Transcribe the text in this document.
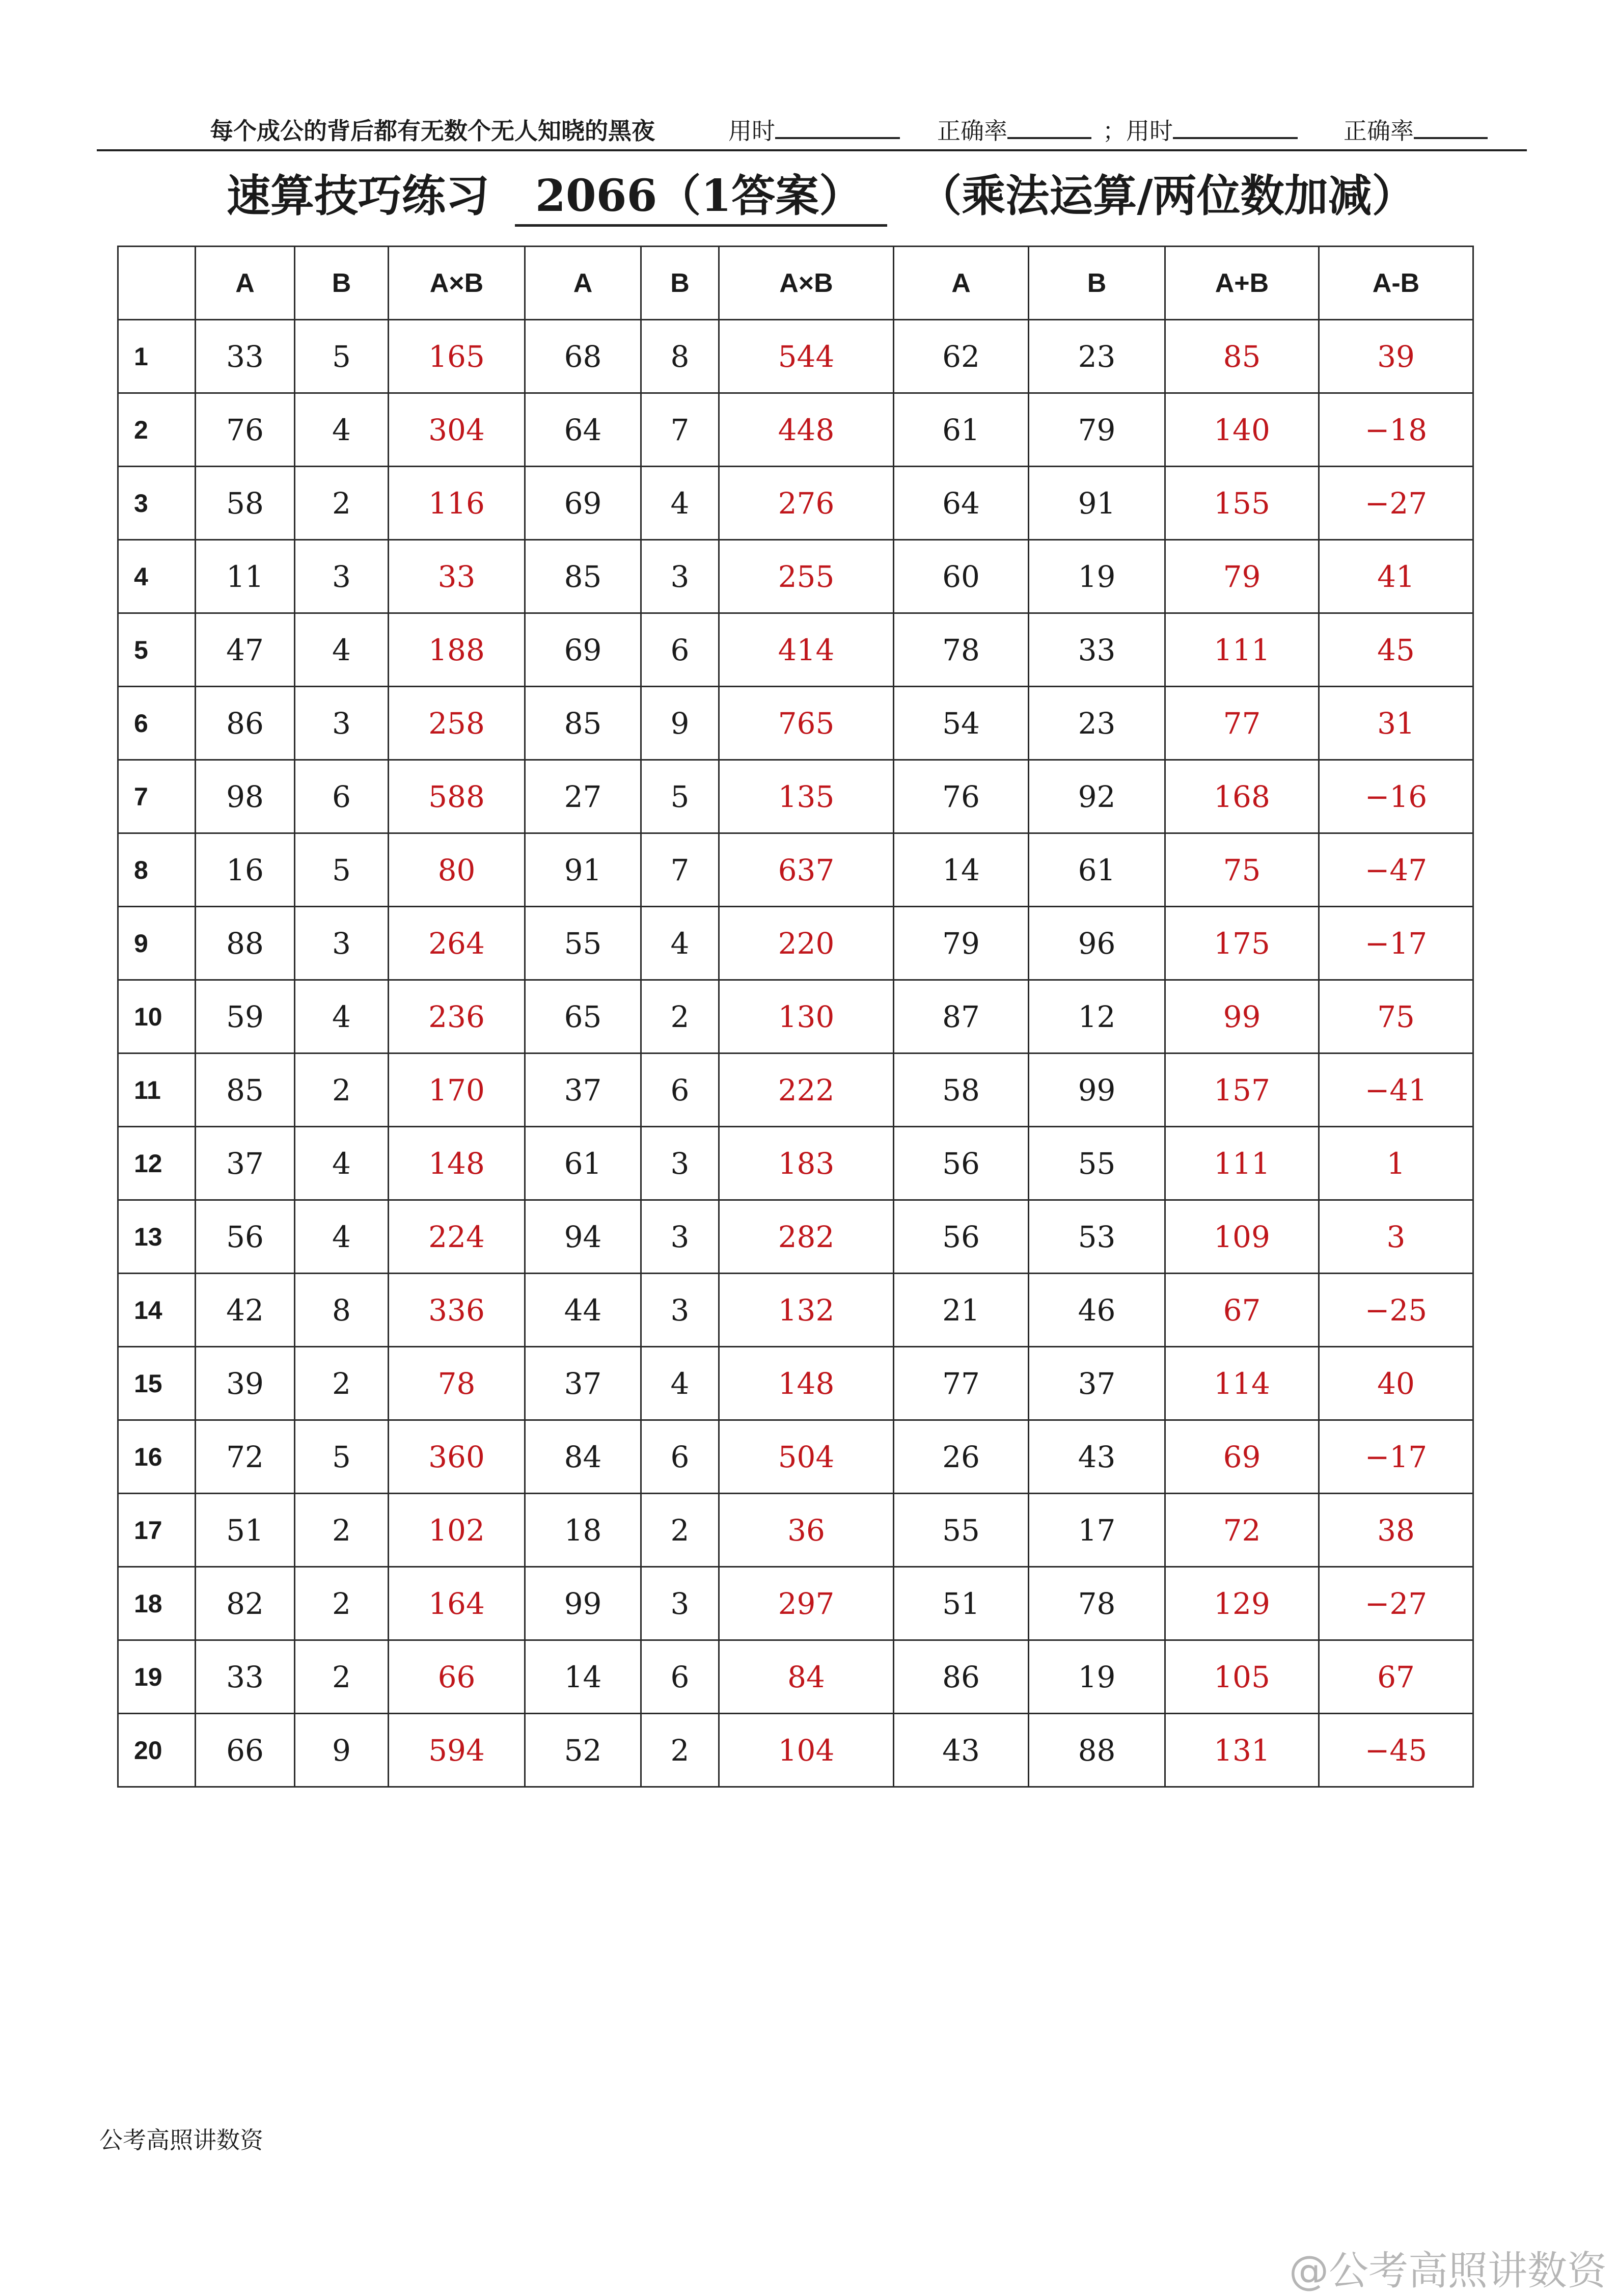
每个成公的背后都有无数个无人知晓的黑夜	用时	正确率	；用时	正确率
速算技巧练习 2066（1答案） （乘法运算/两位数加减）
	A	B	A×B	A	B	A×B	A	B	A+B	A-B
1	33	5	165	68	8	544	62	23	85	39
2	76	4	304	64	7	448	61	79	140	−18
3	58	2	116	69	4	276	64	91	155	−27
4	11	3	33	85	3	255	60	19	79	41
5	47	4	188	69	6	414	78	33	111	45
6	86	3	258	85	9	765	54	23	77	31
7	98	6	588	27	5	135	76	92	168	−16
8	16	5	80	91	7	637	14	61	75	−47
9	88	3	264	55	4	220	79	96	175	−17
10	59	4	236	65	2	130	87	12	99	75
11	85	2	170	37	6	222	58	99	157	−41
12	37	4	148	61	3	183	56	55	111	1
13	56	4	224	94	3	282	56	53	109	3
14	42	8	336	44	3	132	21	46	67	−25
15	39	2	78	37	4	148	77	37	114	40
16	72	5	360	84	6	504	26	43	69	−17
17	51	2	102	18	2	36	55	17	72	38
18	82	2	164	99	3	297	51	78	129	−27
19	33	2	66	14	6	84	86	19	105	67
20	66	9	594	52	2	104	43	88	131	−45
公考高照讲数资
@公考高照讲数资
